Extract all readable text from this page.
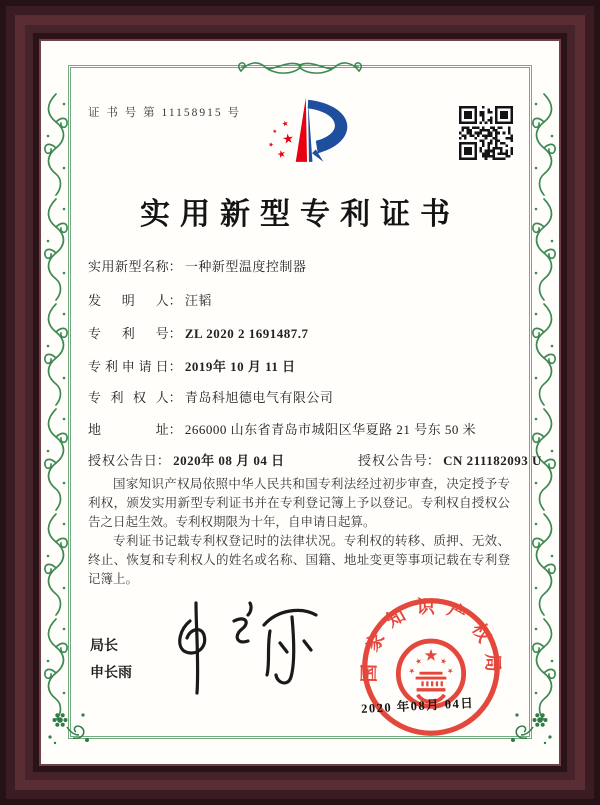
证 书 号 第 11158915 号
实用新型专利证书
实用新型名称： 一种新型温度控制器
发　明　人： 汪韬
专　利　号： ZL 2020 2 1691487.7
专利申请日： 2019年 10 月 11 日
专 利 权 人： 青岛科旭德电气有限公司
地　　　址： 266000 山东省青岛市城阳区华夏路 21 号东 50 米
授权公告日： 2020年 08 月 04 日	授权公告号： CN 211182093 U

国家知识产权局依照中华人民共和国专利法经过初步审查，决定授予专利权，颁发实用新型专利证书并在专利登记簿上予以登记。专利权自授权公告之日起生效。专利权期限为十年，自申请日起算。

专利证书记载专利权登记时的法律状况。专利权的转移、质押、无效、终止、恢复和专利权人的姓名或名称、国籍、地址变更等事项记载在专利登记簿上。

局长
申长雨	国家知识产权局
2020 年08月 04日
